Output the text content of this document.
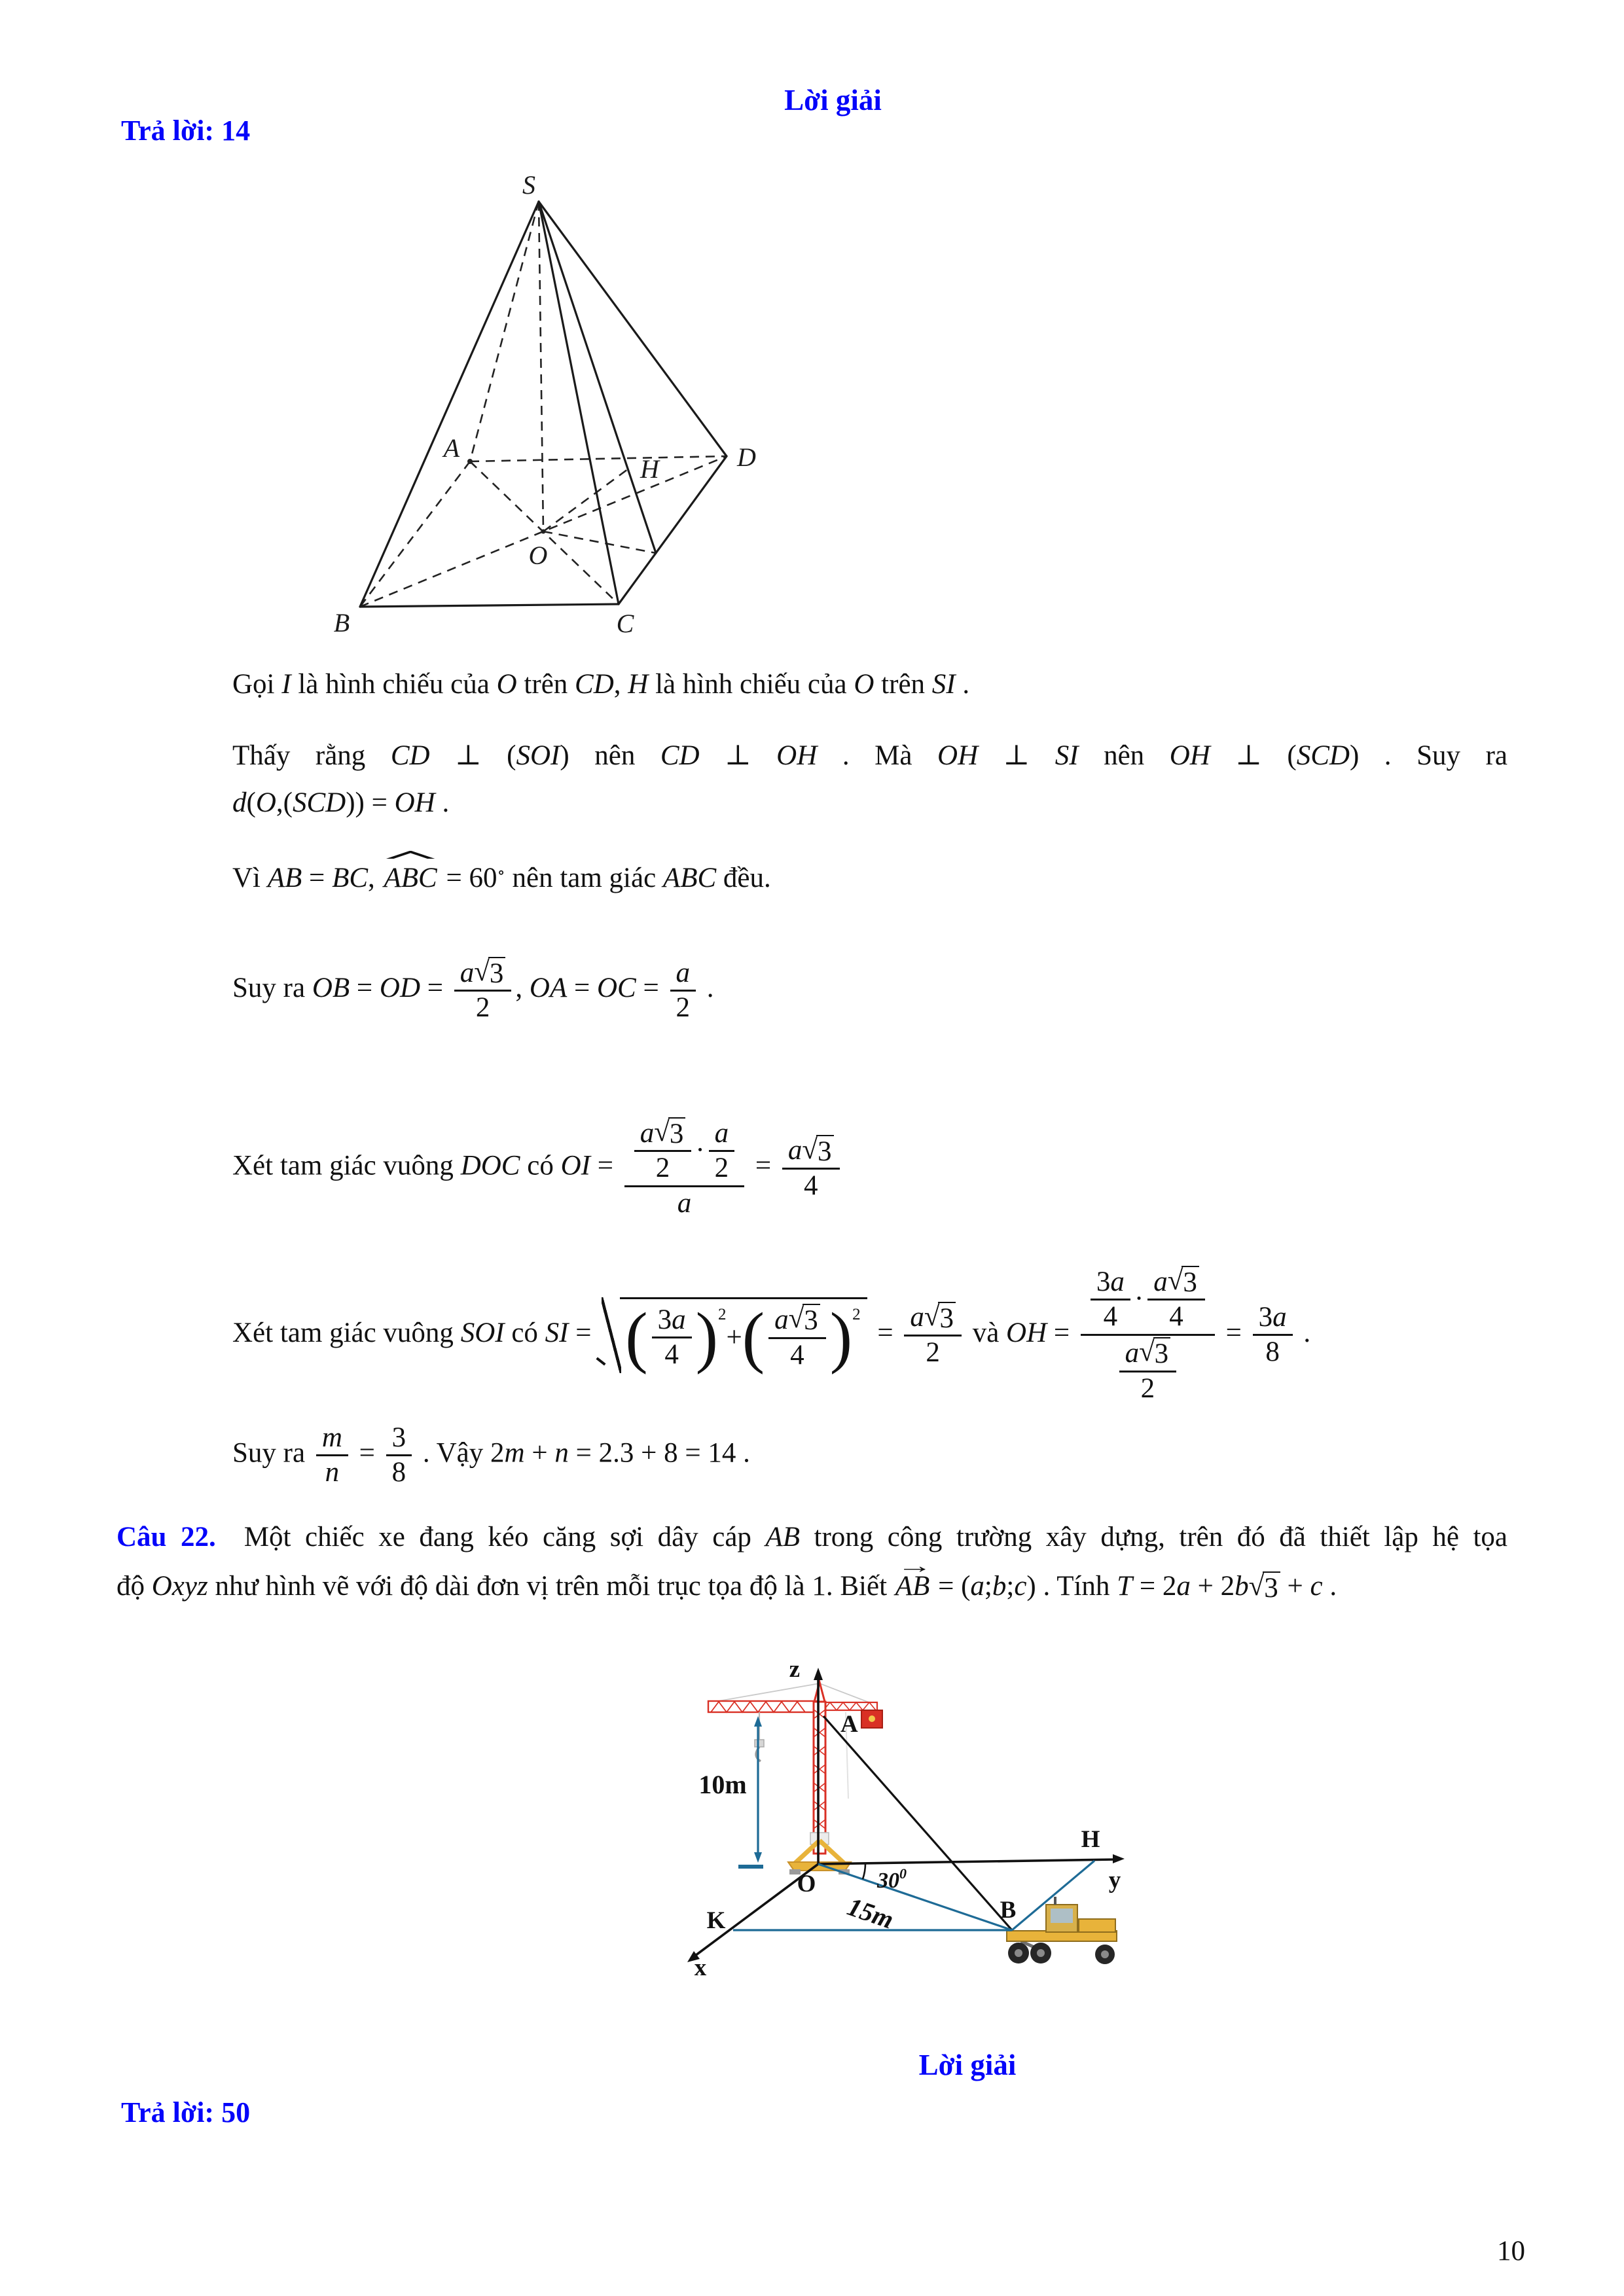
Lời giải
Trả lời: 14
S
A
B	C
D
O
H
Gọi I là hình chiếu của O trên CD, H là hình chiếu của O trên SI .
Thấy rằng CD ⊥ (SOI) nên CD ⊥ OH . Mà OH ⊥ SI nên OH ⊥ (SCD) . Suy ra
d(O,(SCD)) = OH .
Vì AB = BC, ABC
= 60∘ nên tam giác ABC đều.
Suy ra OB = OD = $\frac{a √ 3}{2}$ , OA = OC = $\frac{a}{2}$ .
Xét tam giác vuông DOC có OI = a √ 3
2
·
a
2
$a = \frac{a √ 3}{4}$
Xét tam giác vuông SOI có SI = ( 3 a
4 ) 2
+ ( a √ 3
4 ) 2
= $\frac{a √ 3}{2}$ và OH = 3 a
4
·
a √ 3
4
a √ 3
$2 = \frac{3 a}{8}$ .
Suy ra $\frac{m}{n} = \frac{3}{8}$ . Vậy 2m + n = 2.3 + 8 = 14 .
Câu 22. Một chiếc xe đang kéo căng sợi dây cáp AB trong công trường xây dựng, trên đó đã thiết lập hệ tọa
độ Oxyz như hình vẽ với độ dài đơn vị trên mỗi trục tọa độ là 1. Biết AB
→
= (a;b;c) . Tính T = 2a + 2b √ 3 + c .
z
y
x
O
A
B
H
K
10m
15m
$30^0$
Lời giải
Trả lời: 50
10
